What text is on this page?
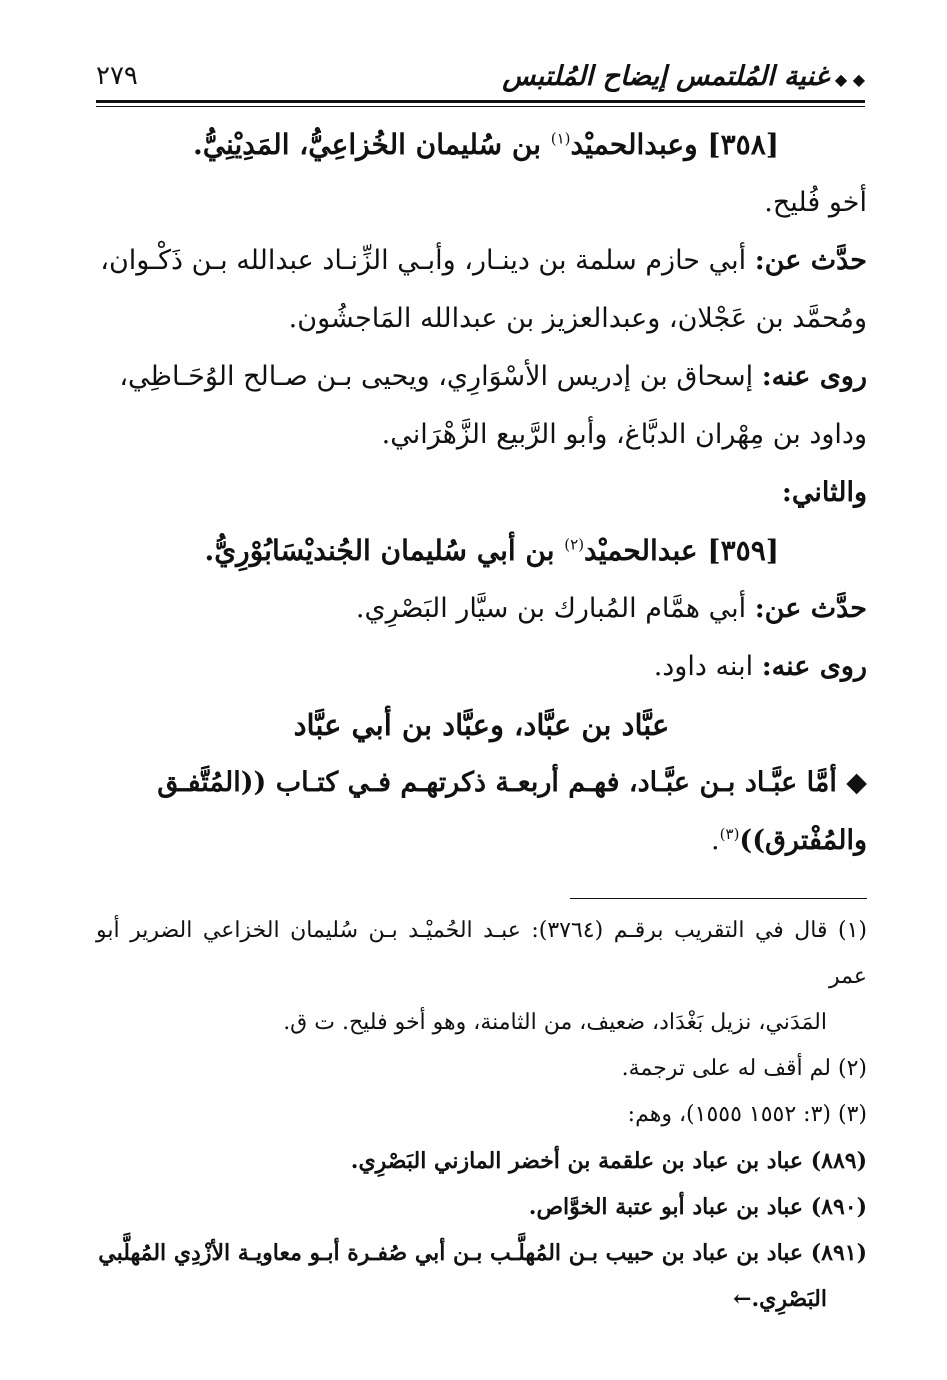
◆ ◆غنية المُلتمس إيضاح المُلتبس
٢٧٩

[٣٥٨] وعبدالحميْد$^{(١)}$ بن سُليمان الخُزاعِيُّ، المَدِيْنِيُّ.

أخو فُليح.

حدَّث عن: أبي حازم سلمة بن دينـار، وأبـي الزِّنـاد عبدالله بـن ذَكْـوان،

ومُحمَّد بن عَجْلان، وعبدالعزيز بن عبدالله المَاجشُون.

روى عنه: إسحاق بن إدريس الأسْوَارِي، ويحيى بـن صـالح الوُحَـاظِي،

وداود بن مِهْران الدبَّاغ، وأبو الرَّبيع الزَّهْرَاني.

والثاني:

[٣٥٩] عبدالحميْد$^{(٢)}$ بن أبي سُليمان الجُنديْسَابُوْرِيُّ.

حدَّث عن: أبي همَّام المُبارك بن سيَّار البَصْرِي.

روى عنه: ابنه داود.

عبَّاد بن عبَّاد، وعبَّاد بن أبي عبَّاد

◆ أمَّا عبَّـاد بـن عبَّـاد، فهـم أربعـة ذكرتهـم فـي كتـاب ((المُتَّفـق

والمُفْترق))$^{(٣)}$.

(١) قال في التقريب برقـم (٣٧٦٤): عبـد الحُميْـد بـن سُليمان الخزاعي الضرير أبو عمر

المَدَني، نزيل بَغْدَاد، ضعيف، من الثامنة، وهو أخو فليح. ت ق.

(٢) لم أقف له على ترجمة.

(٣) (٣: ١٥٥٢ ١٥٥٥)، وهم:

(٨٨٩) عباد بن عباد بن علقمة بن أخضر المازني البَصْرِي.

(٨٩٠) عباد بن عباد أبو عتبة الخوَّاص.

(٨٩١) عباد بن عباد بن حبيب بـن المُهلَّـب بـن أبي صُفـرة أبـو معاويـة الأزْدِي المُهلَّبي

البَصْرِي.←
